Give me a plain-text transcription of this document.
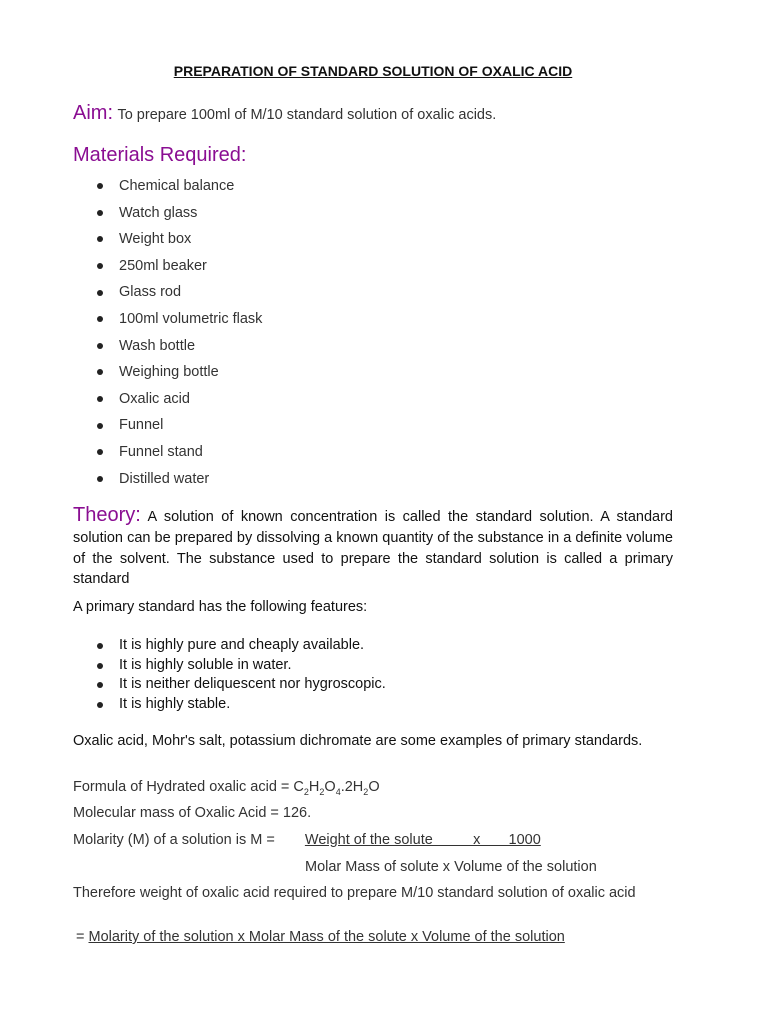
PREPARATION OF STANDARD SOLUTION OF OXALIC ACID
Aim: To prepare 100ml of M/10 standard solution of oxalic acids.
Materials Required:
Chemical balance
Watch glass
Weight box
250ml beaker
Glass rod
100ml volumetric flask
Wash bottle
Weighing bottle
Oxalic acid
Funnel
Funnel stand
Distilled water
Theory: A solution of known concentration is called the standard solution. A standard solution can be prepared by dissolving a known quantity of the substance in a definite volume of the solvent. The substance used to prepare the standard solution is called a primary standard
A primary standard has the following features:
It is highly pure and cheaply available.
It is highly soluble in water.
It is neither deliquescent nor hygroscopic.
It is highly stable.
Oxalic acid, Mohr's salt, potassium dichromate are some examples of primary standards.
Formula of Hydrated oxalic acid = $C_2H_2O_4.2H_2O$
Molecular mass of Oxalic Acid = 126.
Molarity (M) of a solution is M = Weight of the solute          x       1000
Molar Mass of solute x Volume of the solution
Therefore weight of oxalic acid required to prepare M/10 standard solution of oxalic acid
= Molarity of the solution x Molar Mass of the solute x Volume of the solution
